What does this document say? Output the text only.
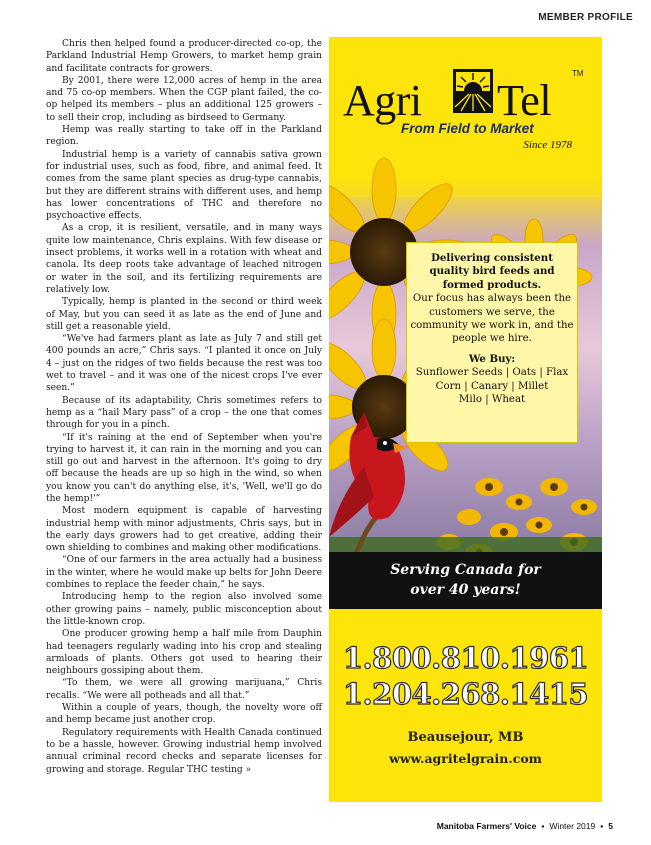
MEMBER PROFILE

Chris then helped found a producer-directed co-op, the Parkland Industrial Hemp Growers, to market hemp grain and facilitate contracts for growers.

By 2001, there were 12,000 acres of hemp in the area and 75 co-op members. When the CGP plant failed, the co-op helped its members – plus an additional 125 growers – to sell their crop, including as birdseed to Germany.

Hemp was really starting to take off in the Parkland region.

Industrial hemp is a variety of cannabis sativa grown for industrial uses, such as food, fibre, and animal feed. It comes from the same plant species as drug-type cannabis, but they are different strains with different uses, and hemp has lower concentrations of THC and therefore no psychoactive effects.

As a crop, it is resilient, versatile, and in many ways quite low maintenance, Chris explains. With few disease or insect problems, it works well in a rotation with wheat and canola. Its deep roots take advantage of leached nitrogen or water in the soil, and its fertilizing requirements are relatively low.

Typically, hemp is planted in the second or third week of May, but you can seed it as late as the end of June and still get a reasonable yield.

“We've had farmers plant as late as July 7 and still get 400 pounds an acre,” Chris says. “I planted it once on July 4 – just on the ridges of two fields because the rest was too wet to travel – and it was one of the nicest crops I've ever seen.”

Because of its adaptability, Chris sometimes refers to hemp as a “hail Mary pass” of a crop – the one that comes through for you in a pinch.

“If it's raining at the end of September when you're trying to harvest it, it can rain in the morning and you can still go out and harvest in the afternoon. It's going to dry off because the heads are up so high in the wind, so when you know you can't do anything else, it's, 'Well, we'll go do the hemp!'”

Most modern equipment is capable of harvesting industrial hemp with minor adjustments, Chris says, but in the early days growers had to get creative, adding their own shielding to combines and making other modifications.

“One of our farmers in the area actually had a business in the winter, where he would make up belts for John Deere combines to replace the feeder chain,” he says.

Introducing hemp to the region also involved some other growing pains – namely, public misconception about the little-known crop.

One producer growing hemp a half mile from Dauphin had teenagers regularly wading into his crop and stealing armloads of plants. Others got used to hearing their neighbours gossiping about them.

“To them, we were all growing marijuana,” Chris recalls. “We were all potheads and all that.”

Within a couple of years, though, the novelty wore off and hemp became just another crop.

Regulatory requirements with Health Canada continued to be a hassle, however. Growing industrial hemp involved annual criminal record checks and separate licenses for growing and storage. Regular THC testing »

Agri Tel
TM
From Field to Market
Since 1978
Delivering consistent
quality bird feeds and
formed products.
Our focus has always been the
customers we serve, the
community we work in, and the
people we hire.
We Buy:
Sunflower Seeds | Oats | Flax
Corn | Canary | Millet
Milo | Wheat
Serving Canada for
over 40 years!
1.800.810.1961
1.204.268.1415
Beausejour, MB
www.agritelgrain.com
Manitoba Farmers' Voice ▪ Winter 2019 ▪ 5
